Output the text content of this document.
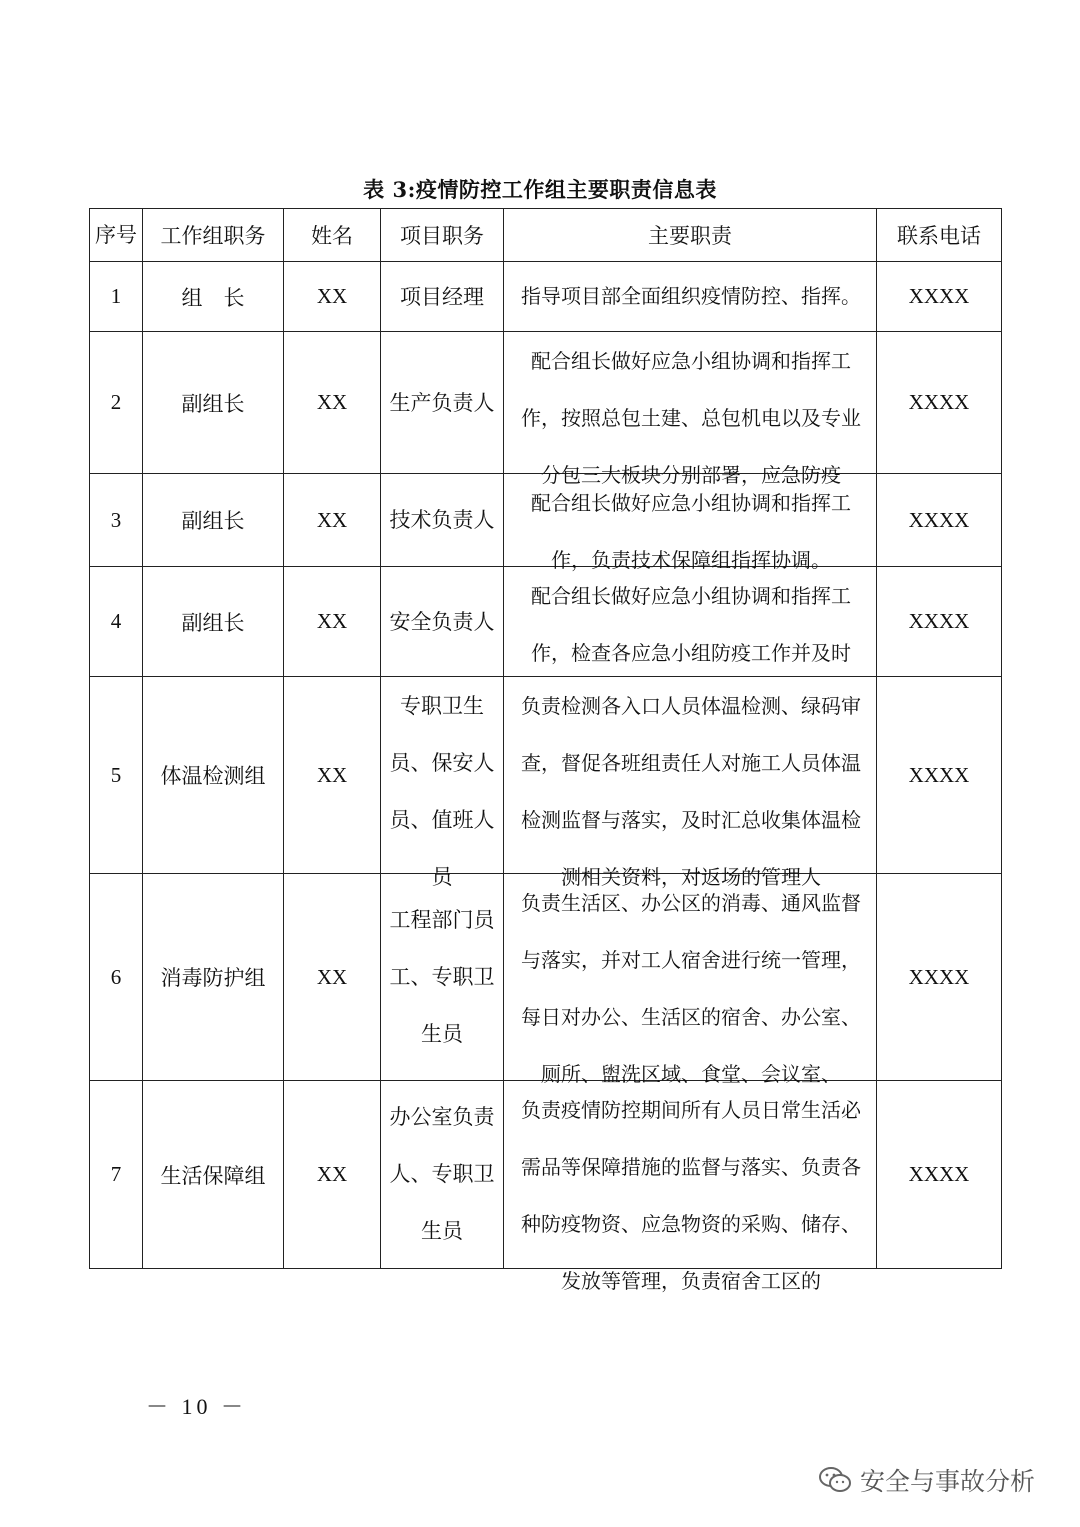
表 3:疫情防控工作组主要职责信息表
序号	工作组职务	姓名	项目职务	主要职责	联系电话
1	组　长	XX	项目经理	指导项目部全面组织疫情防控、指挥。	XXXX
2	副组长	XX	生产负责人	配合组长做好应急小组协调和指挥工作，按照总包土建、总包机电以及专业分包三大板块分别部署，应急防疫	XXXX
3	副组长	XX	技术负责人	配合组长做好应急小组协调和指挥工作，负责技术保障组指挥协调。	XXXX
4	副组长	XX	安全负责人	配合组长做好应急小组协调和指挥工作，检查各应急小组防疫工作并及时	XXXX
5	体温检测组	XX	专职卫生员、保安人员、值班人员	负责检测各入口人员体温检测、绿码审查，督促各班组责任人对施工人员体温检测监督与落实，及时汇总收集体温检测相关资料，对返场的管理人	XXXX
6	消毒防护组	XX	工程部门员工、专职卫生员	负责生活区、办公区的消毒、通风监督与落实，并对工人宿舍进行统一管理，每日对办公、生活区的宿舍、办公室、厕所、盥洗区域、食堂、会议室、	XXXX
7	生活保障组	XX	办公室负责人、专职卫生员	负责疫情防控期间所有人员日常生活必需品等保障措施的监督与落实、负责各种防疫物资、应急物资的采购、储存、发放等管理，负责宿舍工区的	XXXX
－ 10 －
安全与事故分析
